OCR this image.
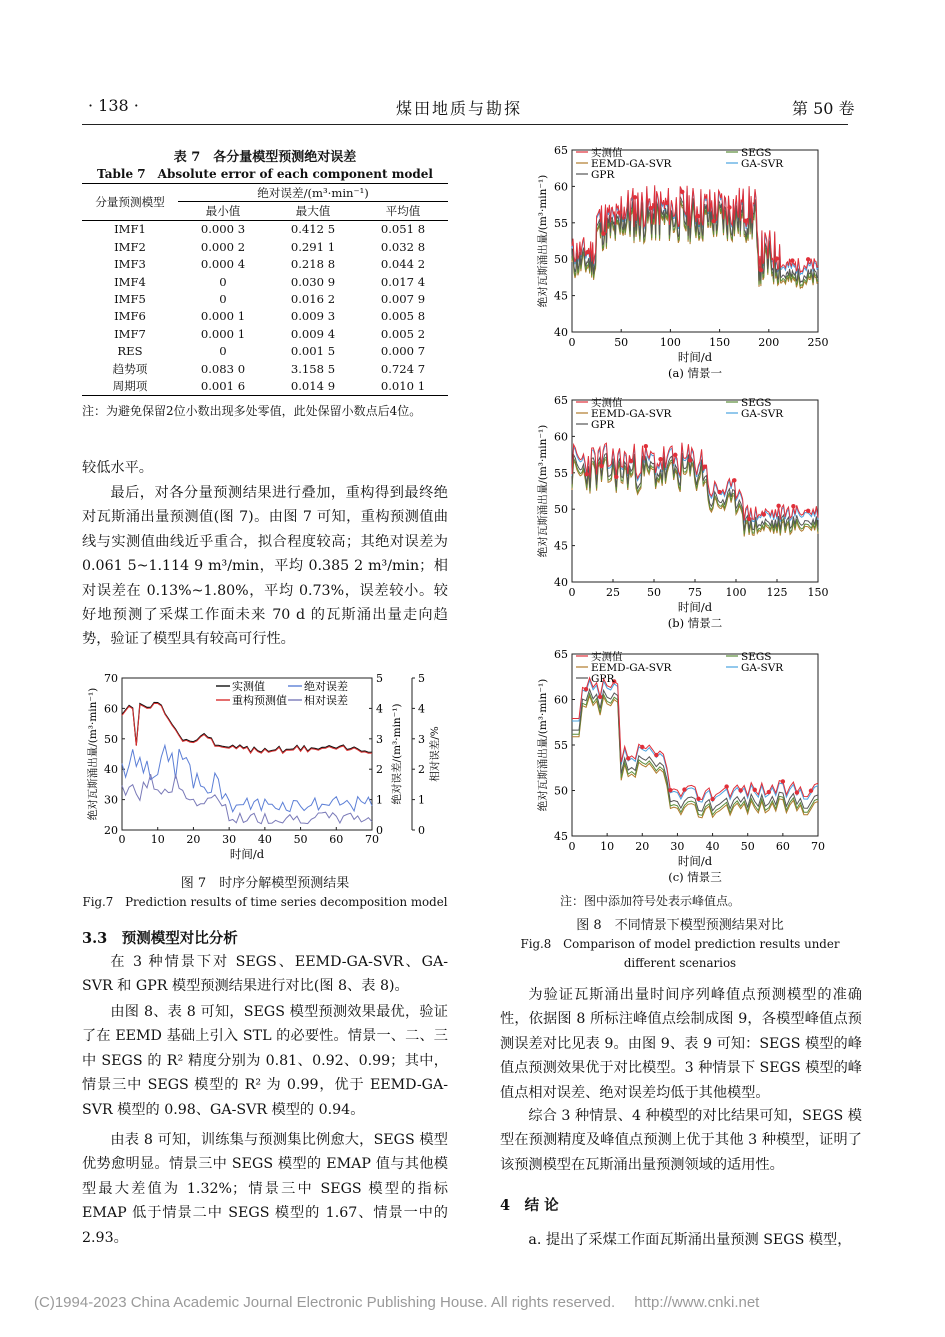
· 138 ·	煤田地质与勘探	第 50 卷
表 7　各分量模型预测绝对误差
Table 7　Absolute error of each component model
分量预测模型	绝对误差/(m³·min⁻¹)		
	最小值	最大值	平均值
IMF1	0.000 3	0.412 5	0.051 8
IMF2	0.000 2	0.291 1	0.032 8
IMF3	0.000 4	0.218 8	0.044 2
IMF4	0	0.030 9	0.017 4
IMF5	0	0.016 2	0.007 9
IMF6	0.000 1	0.009 3	0.005 8
IMF7	0.000 1	0.009 4	0.005 2
RES	0	0.001 5	0.000 7
趋势项	0.083 0	3.158 5	0.724 7
周期项	0.001 6	0.014 9	0.010 1
注：为避免保留2位小数出现多处零值，此处保留小数点后4位。
较低水平。
最后，对各分量预测结果进行叠加，重构得到最终绝对瓦斯涌出量预测值(图 7)。由图 7 可知，重构预测值曲线与实测值曲线近乎重合，拟合程度较高；其绝对误差为 0.061 5~1.114 9 m³/min，平均 0.385 2 m³/min；相对误差在 0.13%~1.80%，平均 0.73%，误差较小。较好地预测了采煤工作面未来 70 d 的瓦斯涌出量走向趋势，验证了模型具有较高可行性。
20
30
40
50
60
70
0
1
2
3
4
5
0
1
2
3
4
5
0 10 20 30 40 50 60 70
时间/d
绝对瓦斯涌出量/(m³·min⁻¹)	绝对误差/(m³·min⁻¹) 相对误差/%
实测值
重构预测值
绝对误差
相对误差
图 7　时序分解模型预测结果
Fig.7　Prediction results of time series decomposition model
3.3　预测模型对比分析
在 3 种情景下对 SEGS、EEMD-GA-SVR、GA-SVR 和 GPR 模型预测结果进行对比(图 8、表 8)。
由图 8、表 8 可知，SEGS 模型预测效果最优，验证了在 EEMD 基础上引入 STL 的必要性。情景一、二、三中 SEGS 的 R² 精度分别为 0.81、0.92、0.99；其中，情景三中 SEGS 模型的 R² 为 0.99，优于 EEMD-GA-SVR 模型的 0.98、GA-SVR 模型的 0.94。
由表 8 可知，训练集与预测集比例愈大，SEGS 模型优势愈明显。情景三中 SEGS 模型的 EMAP 值与其他模型最大差值为 1.32%；情景三中 SEGS 模型的指标 EMAP 低于情景二中 SEGS 模型的 1.67、情景一中的 2.93。
40
45
50
55
60
65
0	50	100	150	200	250
时间/d
(a) 情景一
绝对瓦斯涌出量/(m³·min⁻¹)
实测值	SEGS
EEMD-GA-SVR	GA-SVR
GPR
40
45
50
55
60
65
0	25 50 75 100 125 150
时间/d
(b) 情景二
绝对瓦斯涌出量/(m³·min⁻¹)
实测值	SEGS
EEMD-GA-SVR	GA-SVR
GPR
45
50
55
60
65
0 10 20 30 40 50 60 70
时间/d
(c) 情景三
绝对瓦斯涌出量/(m³·min⁻¹)
实测值	SEGS
EEMD-GA-SVR	GA-SVR
GPR
注：图中添加符号处表示峰值点。
图 8　不同情景下模型预测结果对比
Fig.8　Comparison of model prediction results under different scenarios
为验证瓦斯涌出量时间序列峰值点预测模型的准确性，依据图 8 所标注峰值点绘制成图 9，各模型峰值点预测误差对比见表 9。由图 9、表 9 可知：SEGS 模型的峰值点预测效果优于对比模型。3 种情景下 SEGS 模型的峰值点相对误差、绝对误差均低于其他模型。
综合 3 种情景、4 种模型的对比结果可知，SEGS 模型在预测精度及峰值点预测上优于其他 3 种模型，证明了该预测模型在瓦斯涌出量预测领域的适用性。
4　结 论
a. 提出了采煤工作面瓦斯涌出量预测 SEGS 模型，
(C)1994-2023 China Academic Journal Electronic Publishing House. All rights reserved.　 http://www.cnki.net
